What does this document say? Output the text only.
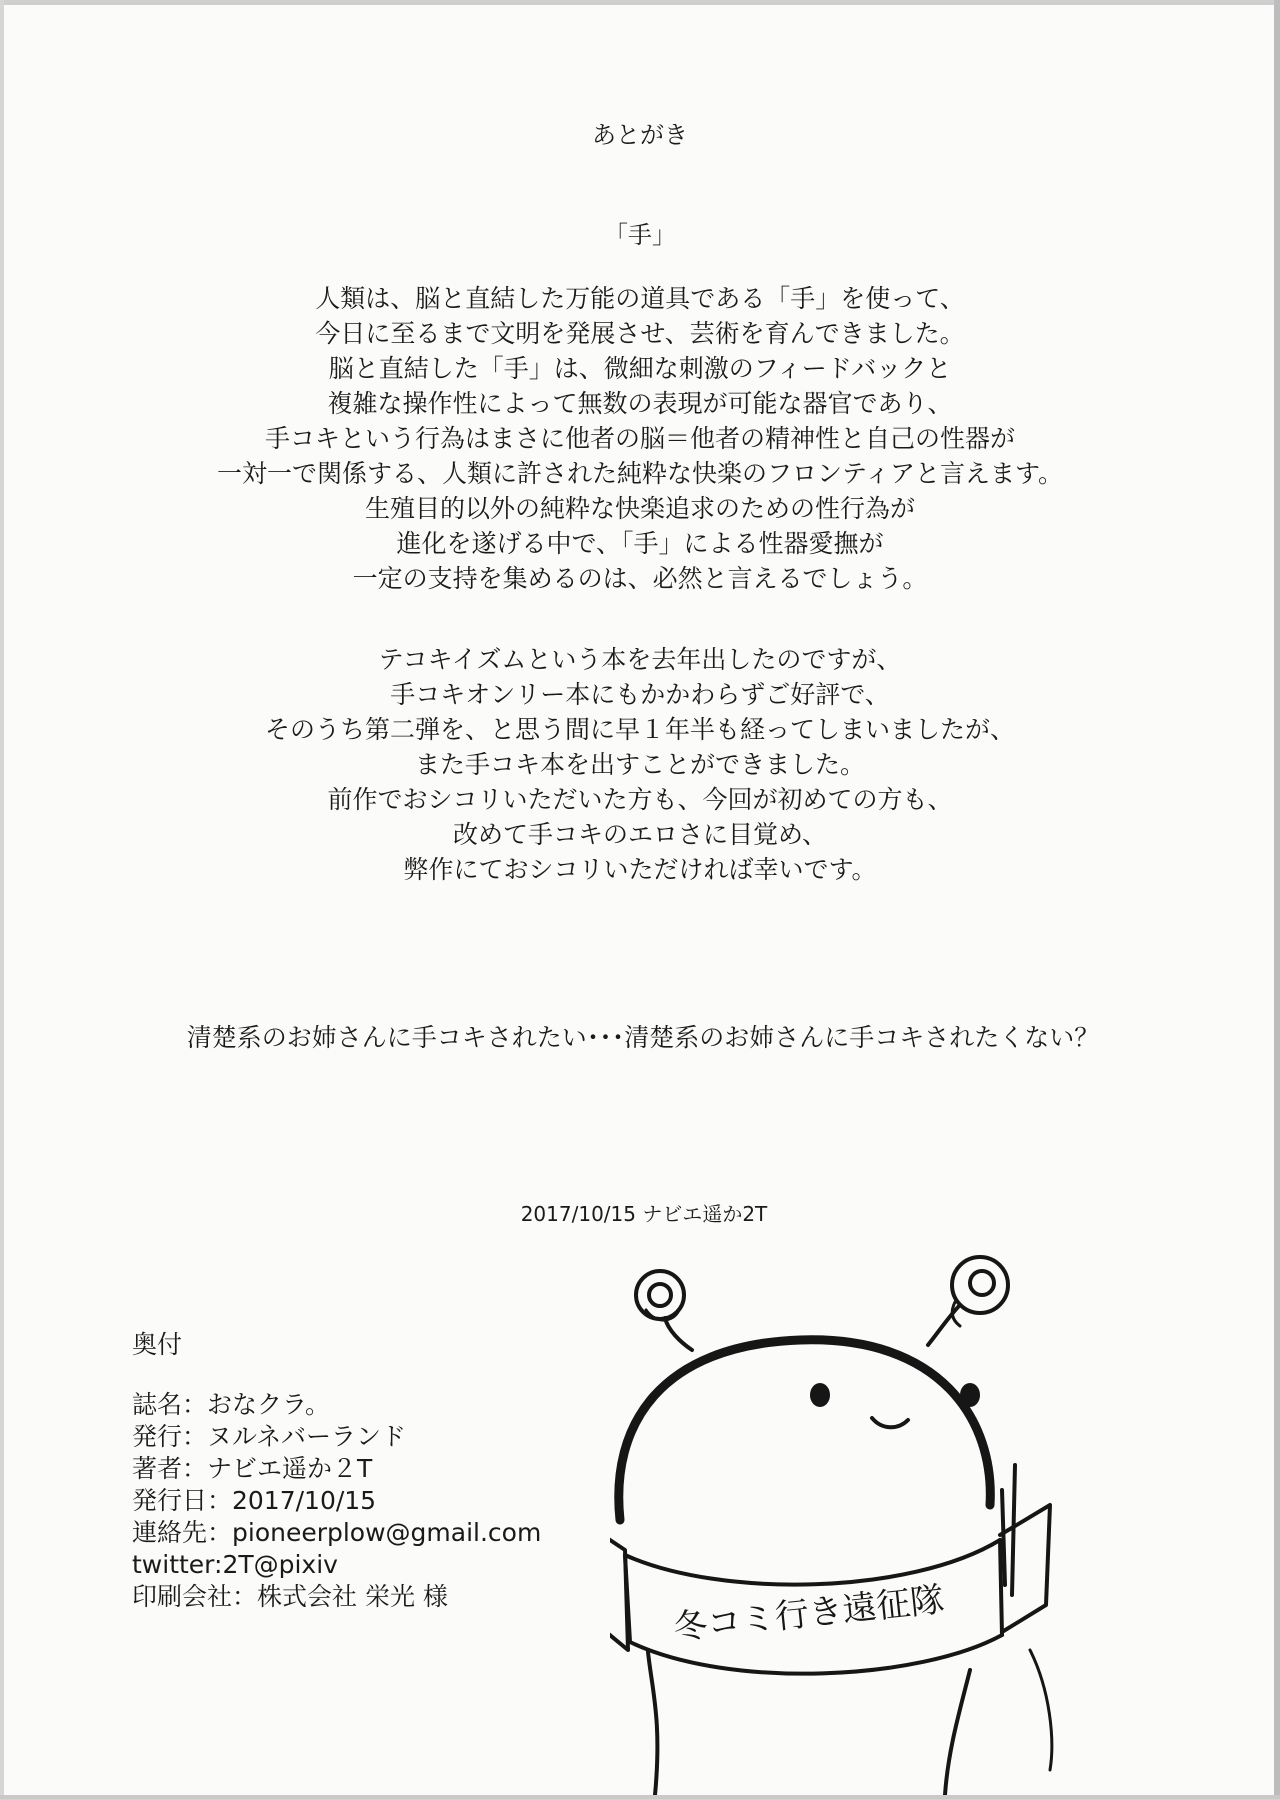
あとがき
「手」
人類は、脳と直結した万能の道具である「手」を使って、
今日に至るまで文明を発展させ、芸術を育んできました。
脳と直結した「手」は、微細な刺激のフィードバックと
複雑な操作性によって無数の表現が可能な器官であり、
手コキという行為はまさに他者の脳＝他者の精神性と自己の性器が
一対一で関係する、人類に許された純粋な快楽のフロンティアと言えます。
生殖目的以外の純粋な快楽追求のための性行為が
進化を遂げる中で、「手」による性器愛撫が
一定の支持を集めるのは、必然と言えるでしょう。
テコキイズムという本を去年出したのですが、
手コキオンリー本にもかかわらずご好評で、
そのうち第二弾を、と思う間に早１年半も経ってしまいましたが、
また手コキ本を出すことができました。
前作でおシコリいただいた方も、今回が初めての方も、
改めて手コキのエロさに目覚め、
弊作にておシコリいただければ幸いです。
清楚系のお姉さんに手コキされたい･･･清楚系のお姉さんに手コキされたくない？
2017/10/15 ナビエ遥か2T
奥付
誌名：おなクラ。
発行：ヌルネバーランド
著者：ナビエ遥か２T
発行日：2017/10/15
連絡先：pioneerplow@gmail.com
twitter:2T@pixiv
印刷会社：株式会社 栄光 様	冬コミ行き遠征隊
